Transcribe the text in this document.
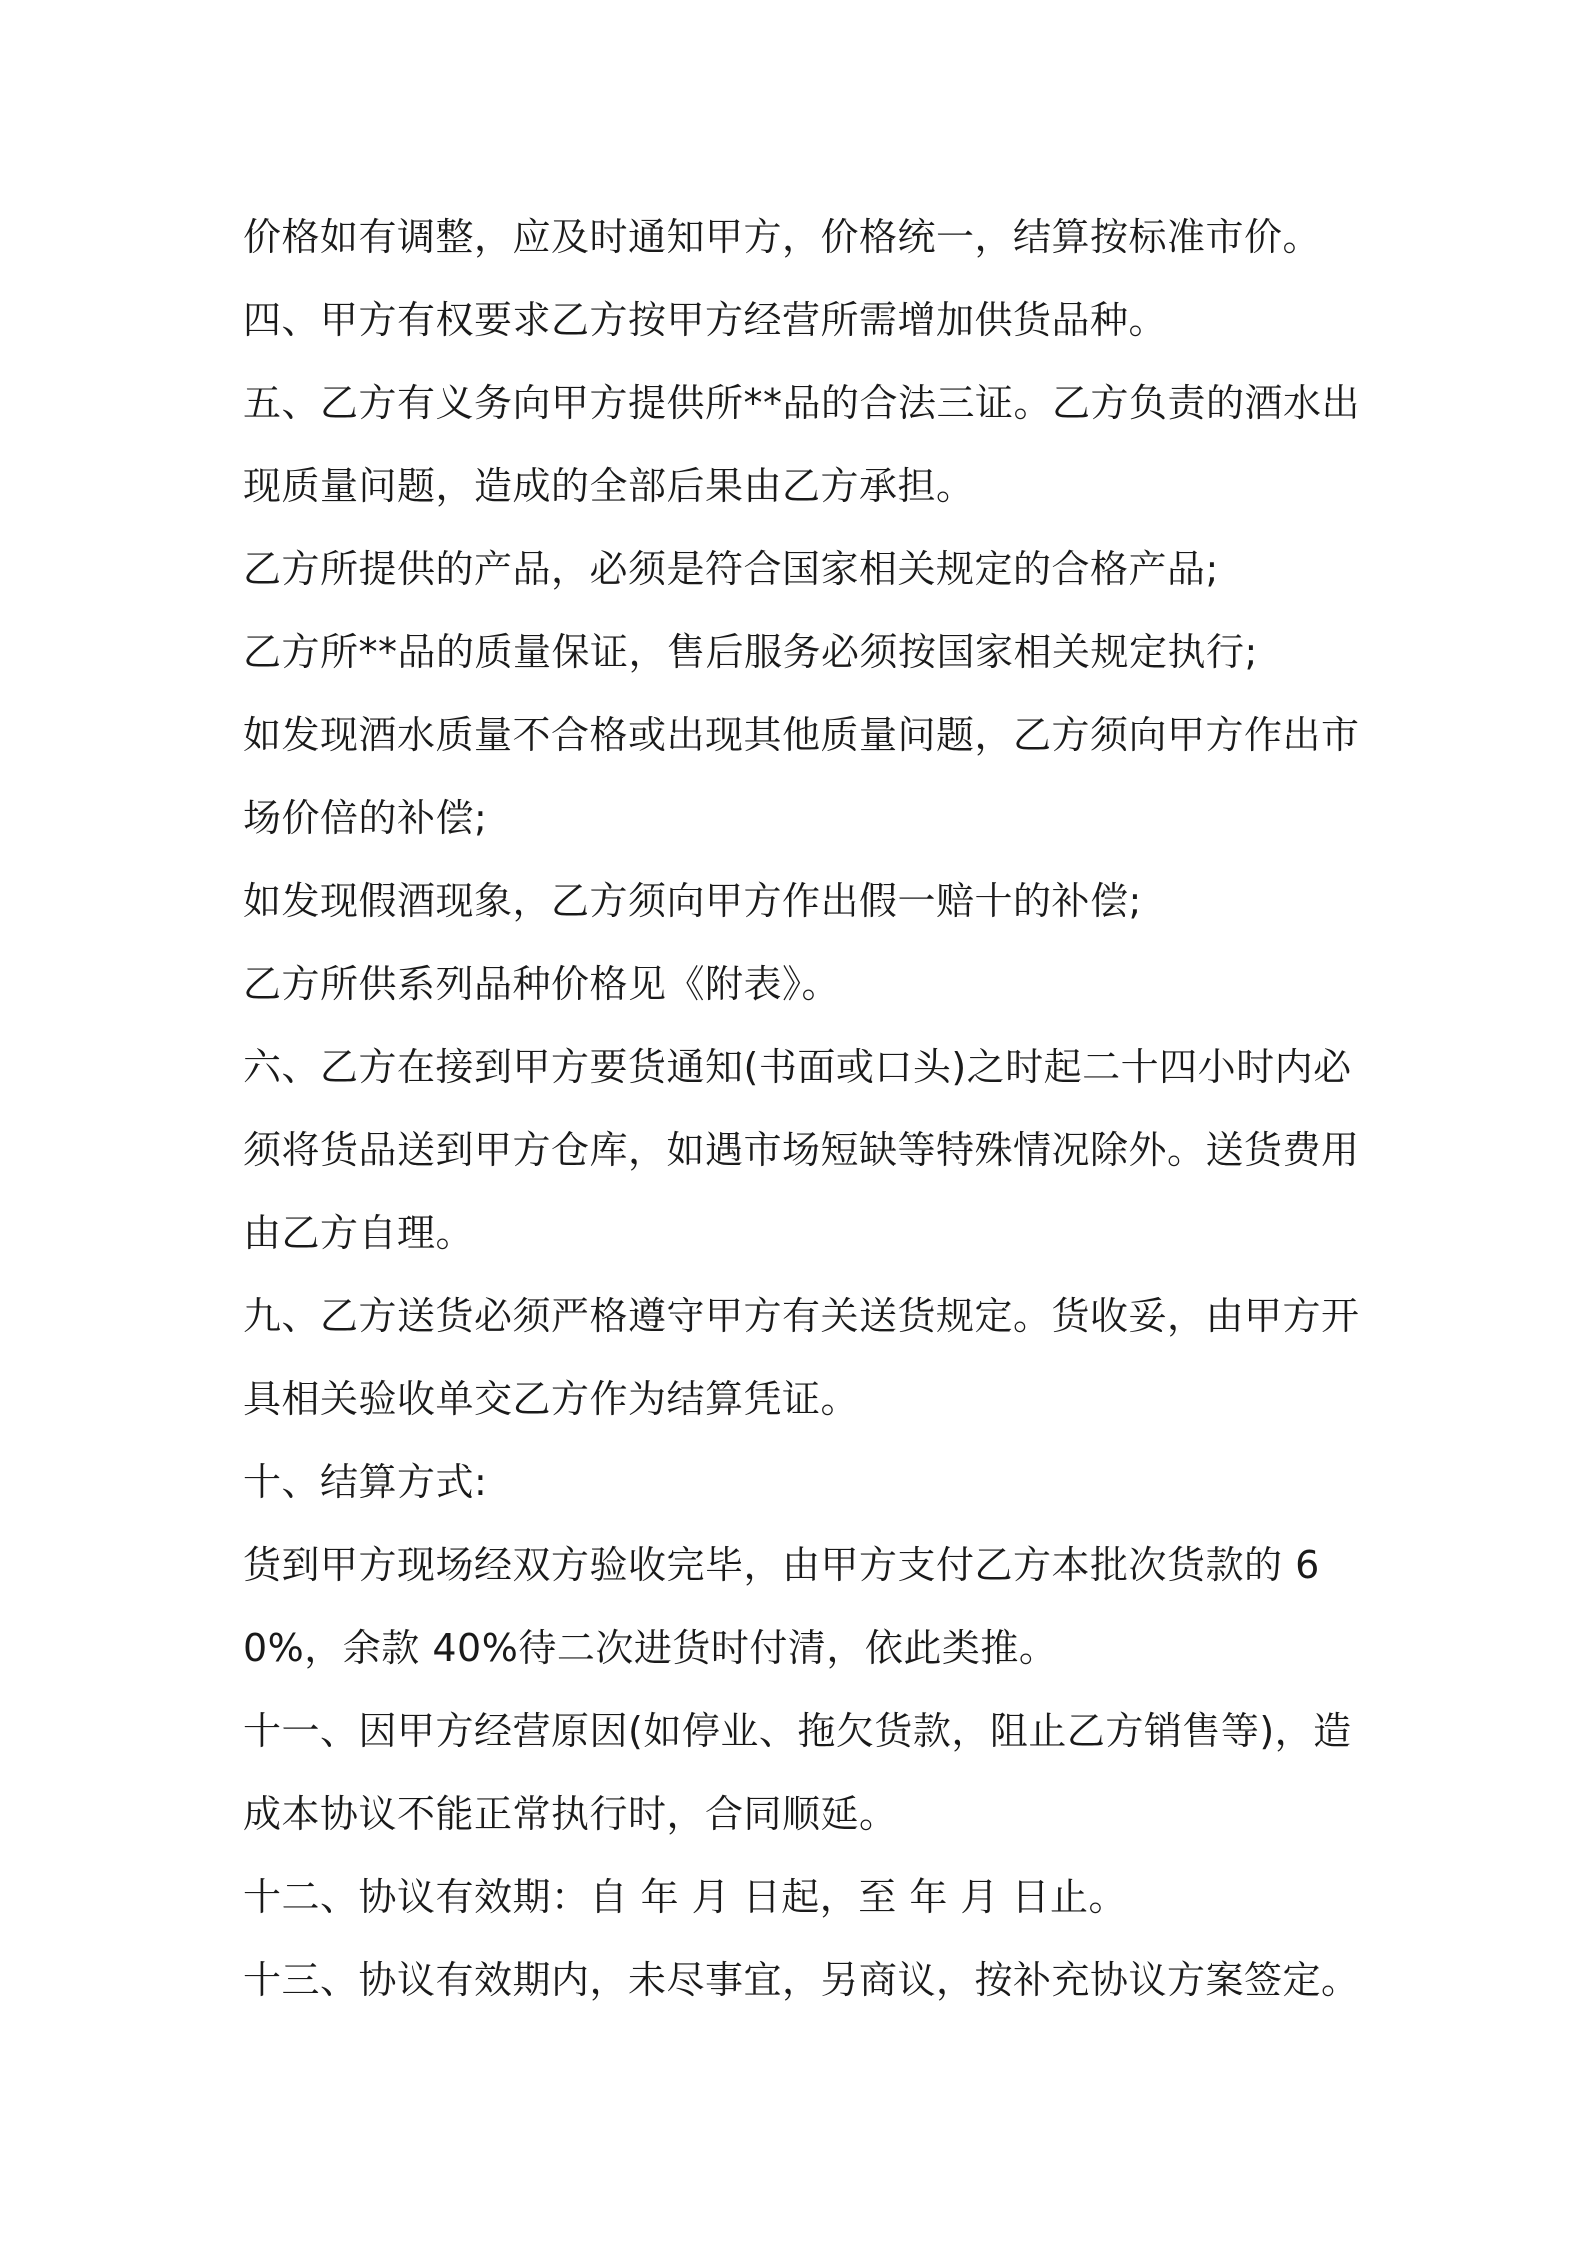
价格如有调整，应及时通知甲方，价格统一，结算按标准市价。

四、甲方有权要求乙方按甲方经营所需增加供货品种。

五、乙方有义务向甲方提供所**品的合法三证。乙方负责的酒水出现质量问题，造成的全部后果由乙方承担。

乙方所提供的产品，必须是符合国家相关规定的合格产品;

乙方所**品的质量保证，售后服务必须按国家相关规定执行;

如发现酒水质量不合格或出现其他质量问题，乙方须向甲方作出市场价倍的补偿;

如发现假酒现象，乙方须向甲方作出假一赔十的补偿;

乙方所供系列品种价格见《附表》。

六、乙方在接到甲方要货通知(书面或口头)之时起二十四小时内必须将货品送到甲方仓库，如遇市场短缺等特殊情况除外。送货费用由乙方自理。

九、乙方送货必须严格遵守甲方有关送货规定。货收妥，由甲方开具相关验收单交乙方作为结算凭证。

十、结算方式:

货到甲方现场经双方验收完毕，由甲方支付乙方本批次货款的 60%，余款 40%待二次进货时付清，依此类推。

十一、因甲方经营原因(如停业、拖欠货款，阻止乙方销售等)，造成本协议不能正常执行时，合同顺延。

十二、协议有效期：自 年 月 日起，至 年 月 日止。

十三、协议有效期内，未尽事宜，另商议，按补充协议方案签定。
